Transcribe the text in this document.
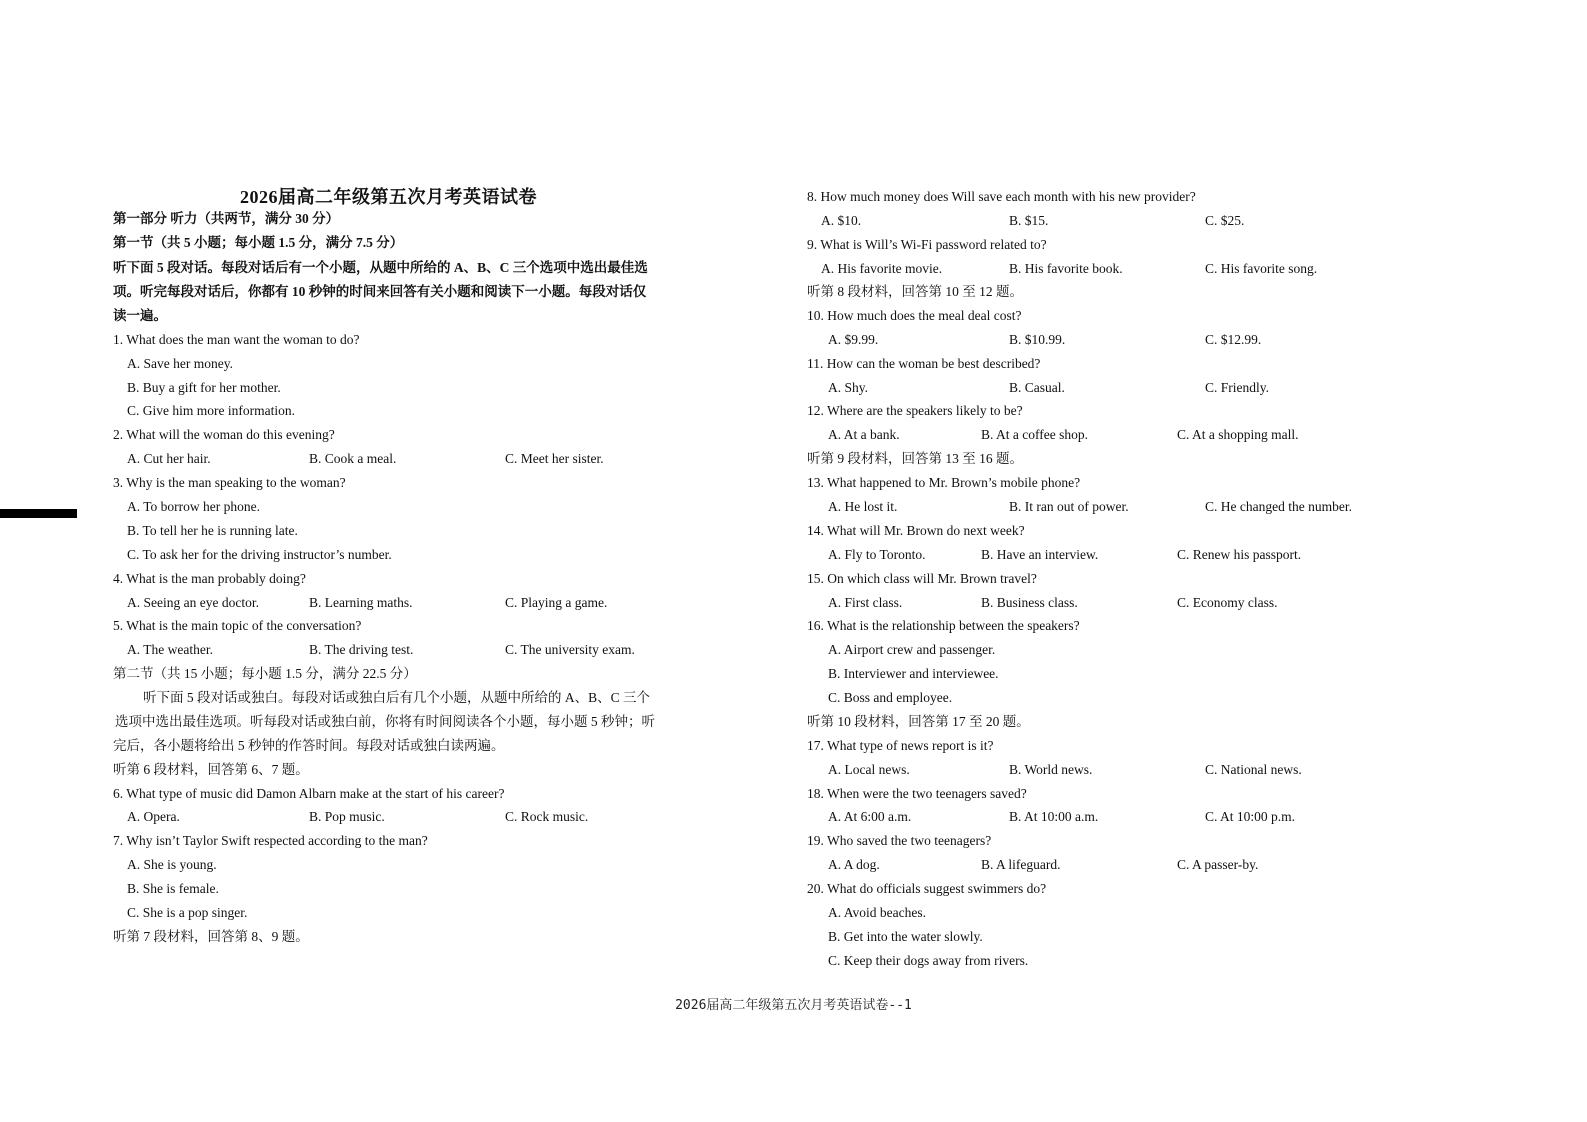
2026届高二年级第五次月考英语试卷
第一部分 听力（共两节，满分 30 分）
第一节（共 5 小题；每小题 1.5 分，满分 7.5 分）
听下面 5 段对话。每段对话后有一个小题，从题中所给的 A、B、C 三个选项中选出最佳选
项。听完每段对话后，你都有 10 秒钟的时间来回答有关小题和阅读下一小题。每段对话仅
读一遍。
1. What does the man want the woman to do?
A. Save her money.
B. Buy a gift for her mother.
C. Give him more information.
2. What will the woman do this evening?
A. Cut her hair.	B. Cook a meal.	C. Meet her sister.
3. Why is the man speaking to the woman?
A. To borrow her phone.
B. To tell her he is running late.
C. To ask her for the driving instructor’s number.
4. What is the man probably doing?
A. Seeing an eye doctor.	B. Learning maths.	C. Playing a game.
5. What is the main topic of the conversation?
A. The weather.	B. The driving test.	C. The university exam.
第二节（共 15 小题；每小题 1.5 分，满分 22.5 分）
听下面 5 段对话或独白。每段对话或独白后有几个小题，从题中所给的 A、B、C 三个
选项中选出最佳选项。听每段对话或独白前，你将有时间阅读各个小题，每小题 5 秒钟；听
完后，各小题将给出 5 秒钟的作答时间。每段对话或独白读两遍。
听第 6 段材料，回答第 6、7 题。
6. What type of music did Damon Albarn make at the start of his career?
A. Opera.	B. Pop music.	C. Rock music.
7. Why isn’t Taylor Swift respected according to the man?
A. She is young.
B. She is female.
C. She is a pop singer.
听第 7 段材料，回答第 8、9 题。
8. How much money does Will save each month with his new provider?
A. $10.	B. $15.	C. $25.
9. What is Will’s Wi-Fi password related to?
A. His favorite movie.	B. His favorite book.	C. His favorite song.
听第 8 段材料，回答第 10 至 12 题。
10. How much does the meal deal cost?
A. $9.99.	B. $10.99.	C. $12.99.
11. How can the woman be best described?
A. Shy.	B. Casual.	C. Friendly.
12. Where are the speakers likely to be?
A. At a bank.	B. At a coffee shop.	C. At a shopping mall.
听第 9 段材料，回答第 13 至 16 题。
13. What happened to Mr. Brown’s mobile phone?
A. He lost it.	B. It ran out of power.	C. He changed the number.
14. What will Mr. Brown do next week?
A. Fly to Toronto.	B. Have an interview.	C. Renew his passport.
15. On which class will Mr. Brown travel?
A. First class.	B. Business class.	C. Economy class.
16. What is the relationship between the speakers?
A. Airport crew and passenger.
B. Interviewer and interviewee.
C. Boss and employee.
听第 10 段材料，回答第 17 至 20 题。
17. What type of news report is it?
A. Local news.	B. World news.	C. National news.
18. When were the two teenagers saved?
A. At 6:00 a.m.	B. At 10:00 a.m.	C. At 10:00 p.m.
19. Who saved the two teenagers?
A. A dog.	B. A lifeguard.	C. A passer-by.
20. What do officials suggest swimmers do?
A. Avoid beaches.
B. Get into the water slowly.
C. Keep their dogs away from rivers.
2026届高二年级第五次月考英语试卷--1
